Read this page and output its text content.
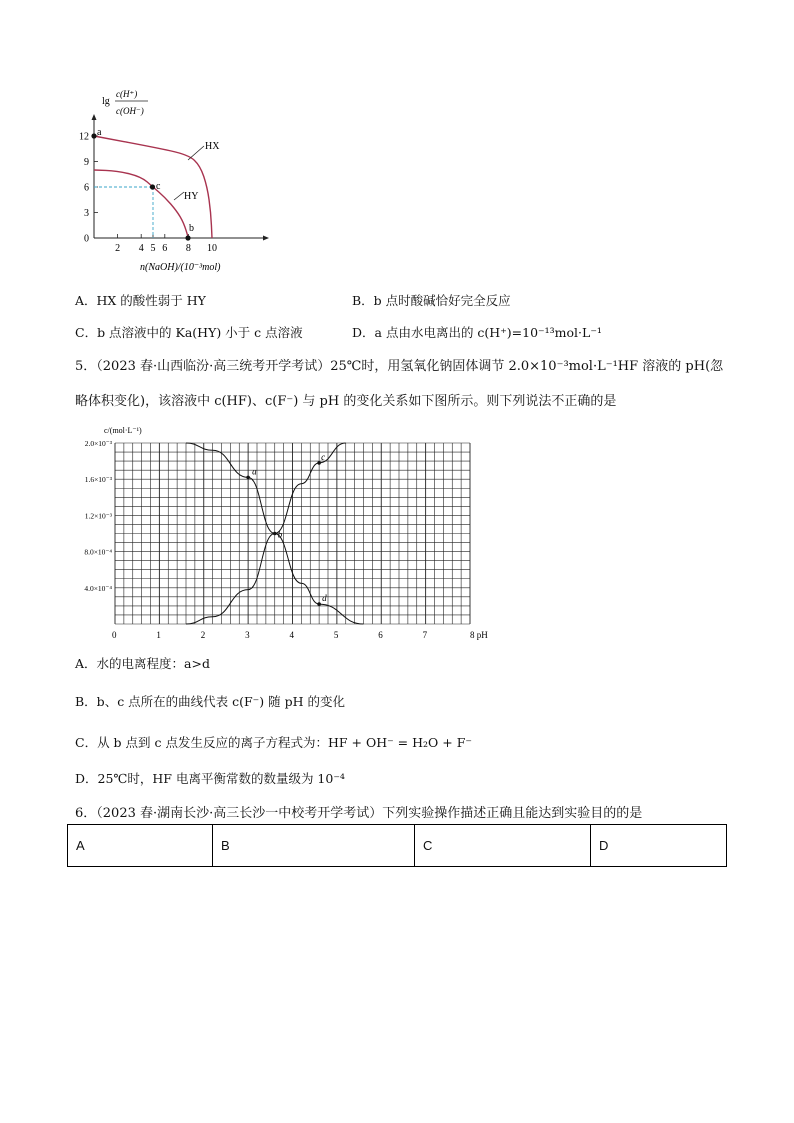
lg
c(H⁺)
c(OH⁻)
0
3
6
9
12
2 4 5 6 8 10
HX
HY
a
c
b
n(NaOH)/(10⁻³mol)
A．HX 的酸性弱于 HY	B．b 点时酸碱恰好完全反应
C．b 点溶液中的 Ka(HY) 小于 c 点溶液	D．a 点由水电离出的 c(H⁺)=10⁻¹³mol·L⁻¹
5．（2023 春·山西临汾·高三统考开学考试）25℃时，用氢氧化钠固体调节 2.0×10⁻³mol·L⁻¹HF 溶液的 pH(忽
略体积变化)，该溶液中 c(HF)、c(F⁻) 与 pH 的变化关系如下图所示。则下列说法不正确的是
c/(mol·L⁻¹)
2.0×10⁻³
1.6×10⁻³
1.2×10⁻³
8.0×10⁻⁴
4.0×10⁻⁴
0	1	2	3	4	5	6	7	8 pH
a
b
c
d
A．水的电离程度：a>d
B．b、c 点所在的曲线代表 c(F⁻) 随 pH 的变化
C．从 b 点到 c 点发生反应的离子方程式为：HF + OH⁻ = H₂O + F⁻
D．25℃时，HF 电离平衡常数的数量级为 10⁻⁴
6．（2023 春·湖南长沙·高三长沙一中校考开学考试）下列实验操作描述正确且能达到实验目的的是
A	B	C	D
